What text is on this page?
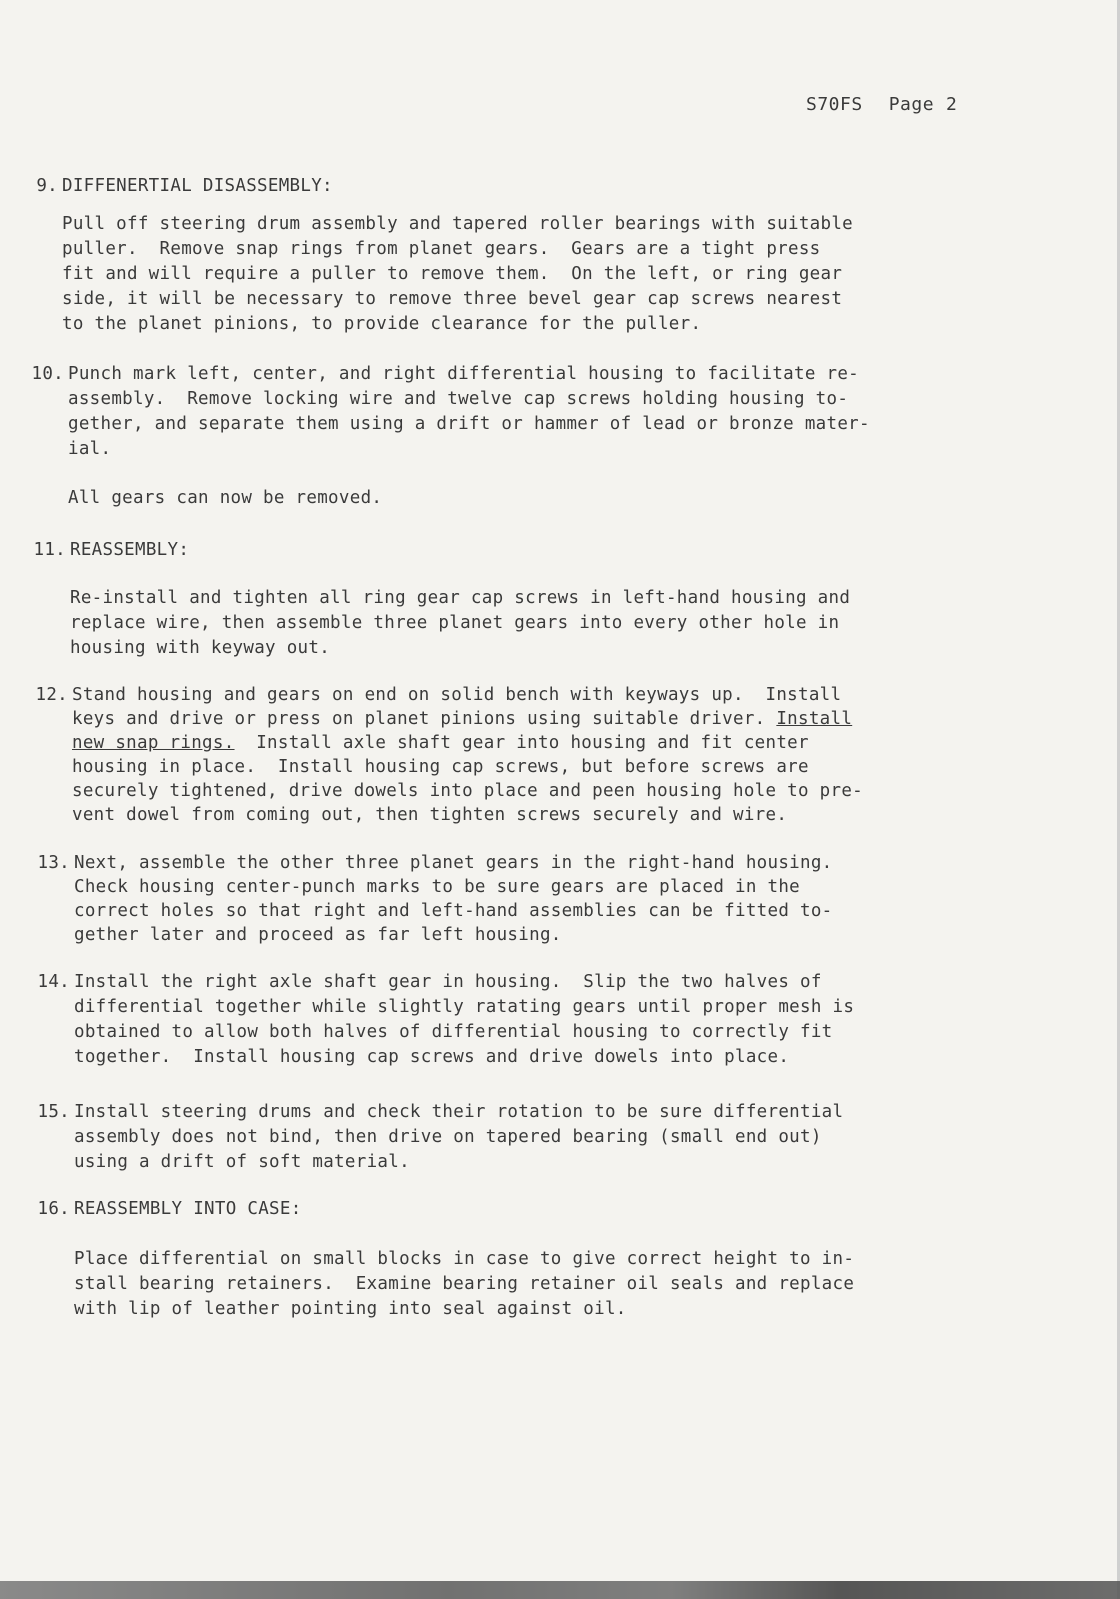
S70FS Page 2
9. DIFFENERTIAL DISASSEMBLY:
Pull off steering drum assembly and tapered roller bearings with suitable
puller.  Remove snap rings from planet gears.  Gears are a tight press
fit and will require a puller to remove them.  On the left, or ring gear
side, it will be necessary to remove three bevel gear cap screws nearest
to the planet pinions, to provide clearance for the puller.
10. Punch mark left, center, and right differential housing to facilitate re-
assembly.  Remove locking wire and twelve cap screws holding housing to-
gether, and separate them using a drift or hammer of lead or bronze mater-
ial.
All gears can now be removed.
11. REASSEMBLY:
Re-install and tighten all ring gear cap screws in left-hand housing and
replace wire, then assemble three planet gears into every other hole in
housing with keyway out.
12. Stand housing and gears on end on solid bench with keyways up.  Install
keys and drive or press on planet pinions using suitable driver. Install
new snap rings.  Install axle shaft gear into housing and fit center
housing in place.  Install housing cap screws, but before screws are
securely tightened, drive dowels into place and peen housing hole to pre-
vent dowel from coming out, then tighten screws securely and wire.
13. Next, assemble the other three planet gears in the right-hand housing.
Check housing center-punch marks to be sure gears are placed in the
correct holes so that right and left-hand assemblies can be fitted to-
gether later and proceed as far left housing.
14. Install the right axle shaft gear in housing.  Slip the two halves of
differential together while slightly ratating gears until proper mesh is
obtained to allow both halves of differential housing to correctly fit
together.  Install housing cap screws and drive dowels into place.
15. Install steering drums and check their rotation to be sure differential
assembly does not bind, then drive on tapered bearing (small end out)
using a drift of soft material.
16. REASSEMBLY INTO CASE:
Place differential on small blocks in case to give correct height to in-
stall bearing retainers.  Examine bearing retainer oil seals and replace
with lip of leather pointing into seal against oil.
